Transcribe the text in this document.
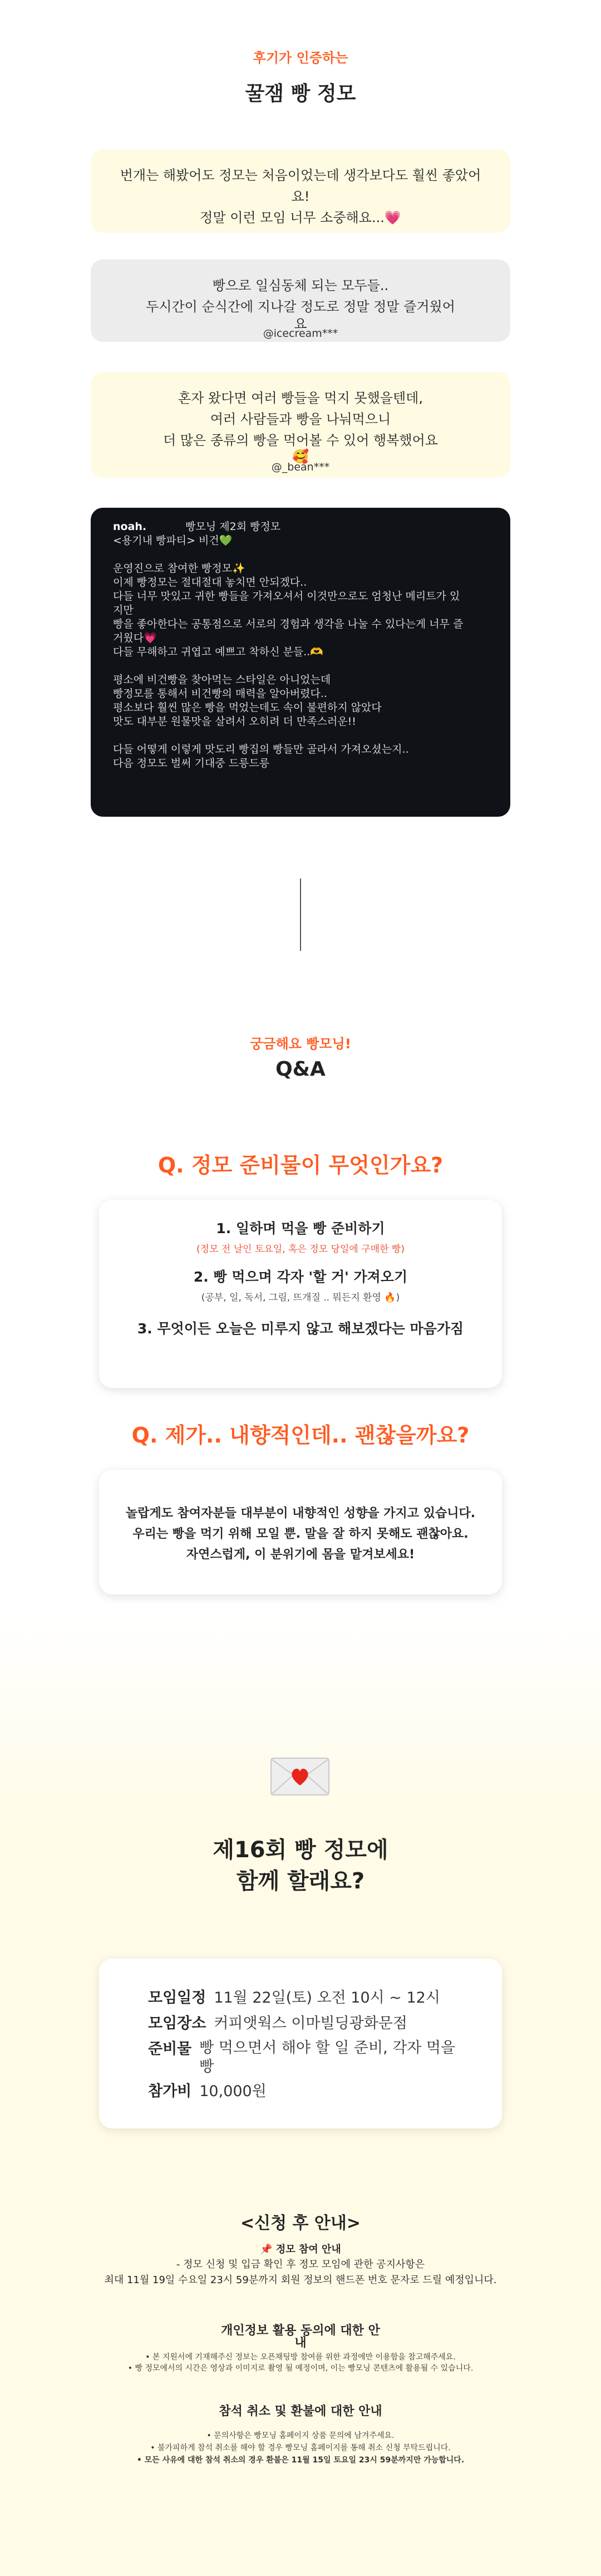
후기가 인증하는
꿀잼 빵 정모
번개는 해봤어도 정모는 처음이었는데 생각보다도 훨씬 좋았어
요!
정말 이런 모임 너무 소중해요...💗
빵으로 일심동체 되는 모두들..
두시간이 순식간에 지나갈 정도로 정말 정말 즐거웠어
요
@icecream***
혼자 왔다면 여러 빵들을 먹지 못했을텐데,
여러 사람들과 빵을 나눠먹으니
더 많은 종류의 빵을 먹어볼 수 있어 행복했어요
🥰
@_bean***
noah.	빵모닝 제2회 빵정모

<용기내 빵파티> 비건💚

운영진으로 참여한 빵정모✨
이제 빵정모는 절대절대 놓치면 안되겠다..
다들 너무 맛있고 귀한 빵들을 가져오셔서 이것만으로도 엄청난 메리트가 있
지만
빵을 좋아한다는 공통점으로 서로의 경험과 생각을 나눌 수 있다는게 너무 즐
거웠다💗
다들 무해하고 귀엽고 예쁘고 착하신 분들..🫶

평소에 비건빵을 찾아먹는 스타일은 아니었는데
빵정모를 통해서 비건빵의 매력을 알아버렸다..
평소보다 훨씬 많은 빵을 먹었는데도 속이 불편하지 않았다
맛도 대부분 원물맛을 살려서 오히려 더 만족스러운!!

다들 어떻게 이렇게 맛도리 빵집의 빵들만 골라서 가져오셨는지..
다음 정모도 벌써 기대중 드릉드릉

궁금해요 빵모닝!
Q&A
Q. 정모 준비물이 무엇인가요?
1. 일하며 먹을 빵 준비하기
(정모 전 날인 토요일, 혹은 정모 당일에 구매한 빵)
2. 빵 먹으며 각자 '할 거' 가져오기
(공부, 일, 독서, 그림, 뜨개질 .. 뭐든지 환영 🔥)
3. 무엇이든 오늘은 미루지 않고 해보겠다는 마음가짐
Q. 제가.. 내향적인데.. 괜찮을까요?
놀랍게도 참여자분들 대부분이 내향적인 성향을 가지고 있습니다.
우리는 빵을 먹기 위해 모일 뿐. 말을 잘 하지 못해도 괜찮아요.
자연스럽게, 이 분위기에 몸을 맡겨보세요!
제16회 빵 정모에
함께 할래요?
모임일정 11월 22일(토) 오전 10시 ~ 12시
모임장소 커피앳웍스 이마빌딩광화문점
준비물 빵 먹으면서 해야 할 일 준비, 각자 먹을 빵
참가비 10,000원
<신청 후 안내>
📌 정모 참여 안내
- 정모 신청 및 입금 확인 후 정모 모임에 관한 공지사항은
최대 11월 19일 수요일 23시 59분까지 회원 정보의 핸드폰 번호 문자로 드릴 예정입니다.
개인정보 활용 동의에 대한 안
내
• 본 지원서에 기재해주신 정보는 오픈채팅방 참여를 위한 과정에만 이용함을 참고해주세요.
• 빵 정모에서의 시간은 영상과 이미지로 촬영 될 예정이며, 이는 빵모닝 콘텐츠에 활용될 수 있습니다.
참석 취소 및 환불에 대한 안내
• 문의사항은 빵모닝 홈페이지 상품 문의에 남겨주세요.
• 불가피하게 참석 취소를 해야 할 경우 빵모닝 홈페이지를 통해 취소 신청 부탁드립니다.
• 모든 사유에 대한 참석 취소의 경우 환불은 11월 15일 토요일 23시 59분까지만 가능합니다.
